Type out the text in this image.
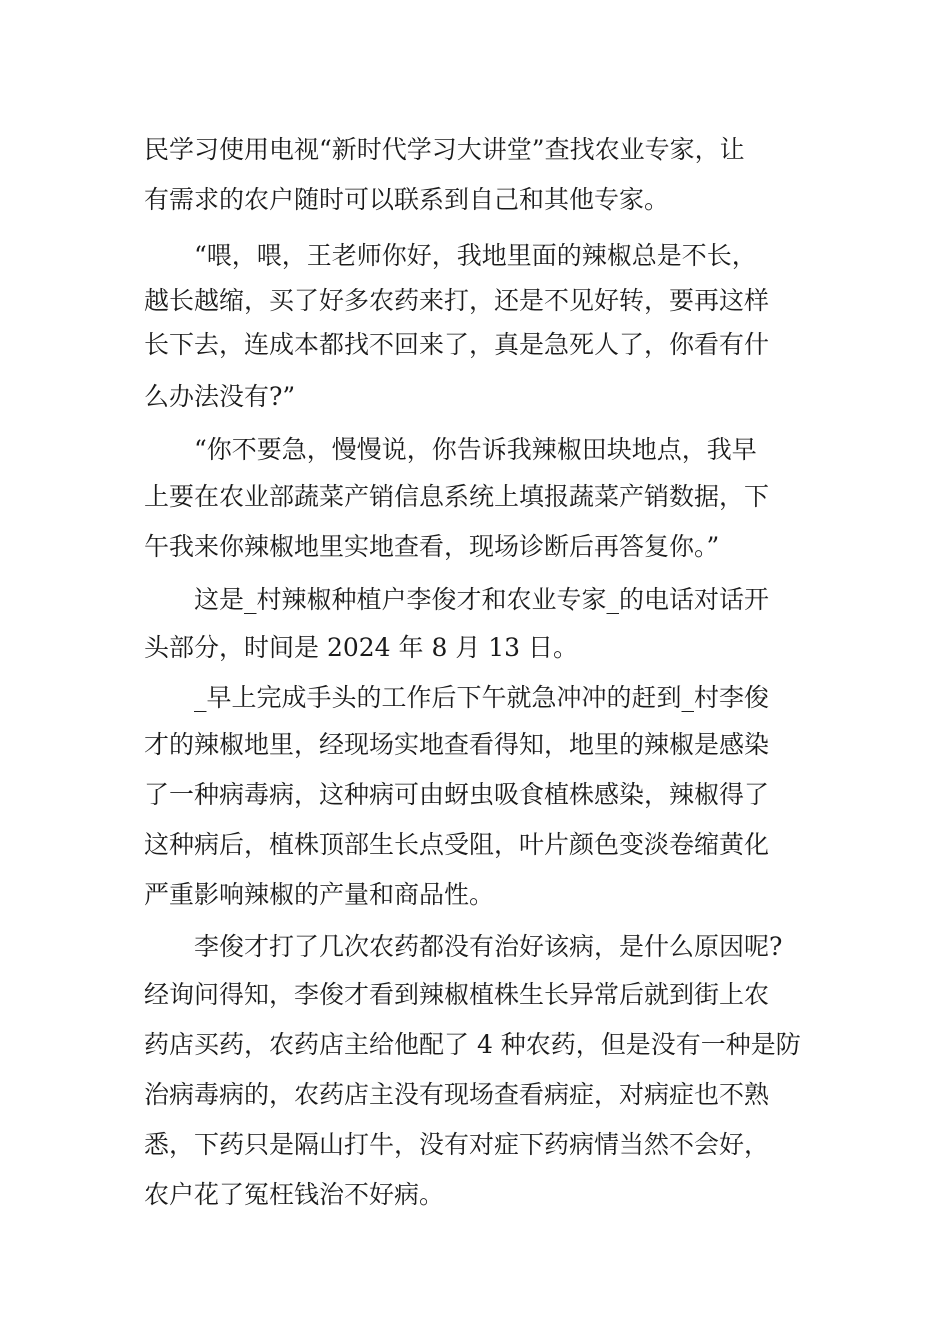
民学习使用电视“新时代学习大讲堂”查找农业专家，让

有需求的农户随时可以联系到自己和其他专家。

“喂，喂，王老师你好，我地里面的辣椒总是不长，

越长越缩，买了好多农药来打，还是不见好转，要再这样

长下去，连成本都找不回来了，真是急死人了，你看有什

么办法没有?”

“你不要急，慢慢说，你告诉我辣椒田块地点，我早

上要在农业部蔬菜产销信息系统上填报蔬菜产销数据，下

午我来你辣椒地里实地查看，现场诊断后再答复你。”

这是_村辣椒种植户李俊才和农业专家_的电话对话开

头部分，时间是 2024 年 8 月 13 日。

_早上完成手头的工作后下午就急冲冲的赶到_村李俊

才的辣椒地里，经现场实地查看得知，地里的辣椒是感染

了一种病毒病，这种病可由蚜虫吸食植株感染，辣椒得了

这种病后，植株顶部生长点受阻，叶片颜色变淡卷缩黄化

严重影响辣椒的产量和商品性。

李俊才打了几次农药都没有治好该病，是什么原因呢?

经询问得知，李俊才看到辣椒植株生长异常后就到街上农

药店买药，农药店主给他配了 4 种农药，但是没有一种是防

治病毒病的，农药店主没有现场查看病症，对病症也不熟

悉，下药只是隔山打牛，没有对症下药病情当然不会好，

农户花了冤枉钱治不好病。
